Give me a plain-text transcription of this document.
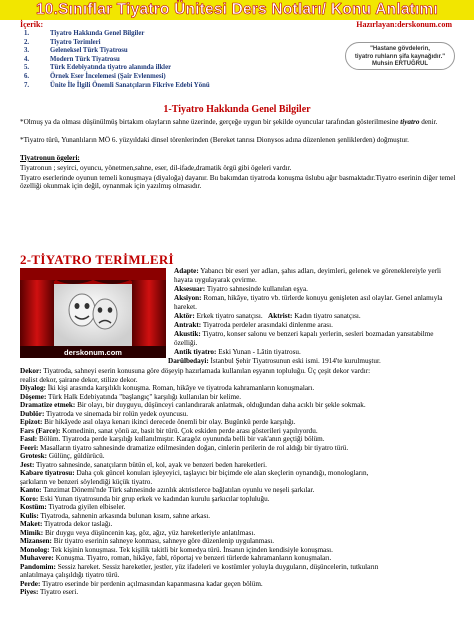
10.Sınıflar Tiyatro Ünitesi Ders Notları/ Konu Anlatımı
İçerik:	Hazırlayan:derskonum.com
1.	Tiyatro Hakkında Genel Bilgiler
2.	Tiyatro Terimleri
3.	Geleneksel Türk Tiyatrosu
4.	Modern Türk Tiyatrosu
5.	Türk Edebiyatında tiyatro alanında ilkler
6.	Örnek Eser İncelemesi (Şair Evlenmesi)
7.	Ünite İle İlgili Önemli Sanatçıların Fikrive Edebi Yönü
"Hastane gövdelerin,
tiyatro ruhların şifa kaynağıdır."
Muhsin ERTUĞRUL
1-Tiyatro Hakkında Genel Bilgiler
*Olmuş ya da olması düşünülmüş birtakım olayların sahne üzerinde, gerçeğe uygun bir şekilde oyuncular tarafından gösterilmesine tiyatro denir.
*Tiyatro türü, Yunanlıların MÖ 6. yüzyıldaki dinsel törenlerinden (Bereket tanrısı Dionysos adına düzenlenen şenliklerden) doğmuştur.
Tiyatronun ögeleri:
Tiyatronun ; seyirci, oyuncu, yönetmen,sahne, eser, dil-ifade,dramatik örgü gibi ögeleri vardır.
Tiyatro eserlerinde oyunun temeli konuşmaya (diyaloğa) dayanır. Bu bakımdan tiyatroda konuşma üslubu ağır basmaktadır.Tiyatro eserinin diğer temel özelliği okunmak için değil, oynanmak için yazılmış olmasıdır.
2-TİYATRO TERİMLERİ
derskonum.com
Adapte: Yabancı bir eseri yer adları, şahıs adları, deyimleri, gelenek ve göreneklereiyle yerli hayata uygulayarak çevirme.
Aksesuar: Tiyatro sahnesinde kullanılan eşya.
Aksiyon: Roman, hikâye, tiyatro vb. türlerde konuyu genişleten asıl olaylar. Genel anlamıyla hareket.
Aktör: Erkek tiyatro sanatçısı. Aktrist: Kadın tiyatro sanatçısı.
Antrakt: Tiyatroda perdeler arasındaki dinlenme arası.
Akustik: Tiyatro, konser salonu ve benzeri kapalı yerlerin, sesleri bozmadan yansıtabilme özelliği.
Antik tiyatro: Eski Yunan - Lâtin tiyatrosu.
Darülbedayi: İstanbul Şehir Tiyatrosunun eski ismi. 1914'te kurulmuştur.
Dekor: Tiyatroda, sahneyi eserin konusuna göre döşeyip hazırlamada kullanılan eşyanın topluluğu. Üç çeşit dekor vardır:
realist dekor, şairane dekor, stilize dekor.
Diyalog: İki kişi arasında karşılıklı konuşma. Roman, hikâye ve tiyatroda kahramanların konuşmaları.
Döşeme: Türk Halk Edebiyatında "başlangıç" karşılığı kullanılan bir kelime.
Dramatize etmek: Bir olayı, bir duyguyu, düşünceyi canlandırarak anlatmak, oldu​ğundan daha acıklı bir şekle sokmak.
Dublör: Tiyatroda ve sinemada bir rolün yedek oyuncusu.
Epizot: Bir hikâyede asıl olaya kenarı ikinci derecede önemli bir olay. Bugünkü perde karşılığı.
Fars (Farce): Komedinin, sanat yönü az, basit bir türü. Çok eskiden perde arası gösterileri yapılıyordu.
Fasıl: Bölüm. Tiyatroda perde karşılığı kullanılmıştır. Karagöz oyununda belli bir vak'anın geçtiği bölüm.
Feeri: Masalların tiyatro sahnesinde dramatize edilmesinden doğan, cinlerin perilerin de rol aldığı bir tiyatro türü.
Grotesk: Gülünç, güldürücü.
Jest: Tiyatro sahnesinde, sanatçıların bütün el, kol, ayak ve benzeri beden hareketleri.
Kabare tiyatrosu: Daha çok güncel konuları işleyeyici, taşlayıcı bir biçimde ele alan skeçlerin oynandığı, monologların,
şarkıların ve benzeri söylendiği küçük tiyatro.
Kanto: Tanzimat Dönemi'nde Türk sahnesinde azınlık aktristlerce bağlatılan oyunlu ve neşeli şarkılar.
Koro: Eski Yunan tiyatrosunda bir grup erkek ve kadından kurulu şarkıcılar topluluğu.
Kostüm: Tiyatroda giyilen elbiseler.
Kulis: Tiyatroda, sahnenin arkasında bulunan kısım, sahne arkası.
Maket: Tiyatroda dekor taslağı.
Mimik: Bir duygu veya düşüncenin kaş, göz, ağız, yüz hareketleriyle anlatılması.
Mizansen: Bir tiyatro eserinin sahneye konması, sahneye göre düzenlenip uygulanması.
Monolog: Tek kişinin konuşması. Tek kişilik takitli bir komedya türü. İnsanın içinden kendisiyle konuşması.
Muhavere: Konuşma. Tiyatro, roman, hikâye, fabl, röportaj ve benzeri türlerde kahramanların konuşmaları.
Pandomim: Sessiz hareket. Sessiz hareketler, jestler, yüz ifadeleri ve kostümler yoluyla duyguların, düşüncelerin, tutkuların
anlatılmaya çalışıldığı tiyatro türü.
Perde: Tiyatro eserinde bir perdenin açılmasından kapanmasına kadar geçen bölüm.
Piyes: Tiyatro eseri.
